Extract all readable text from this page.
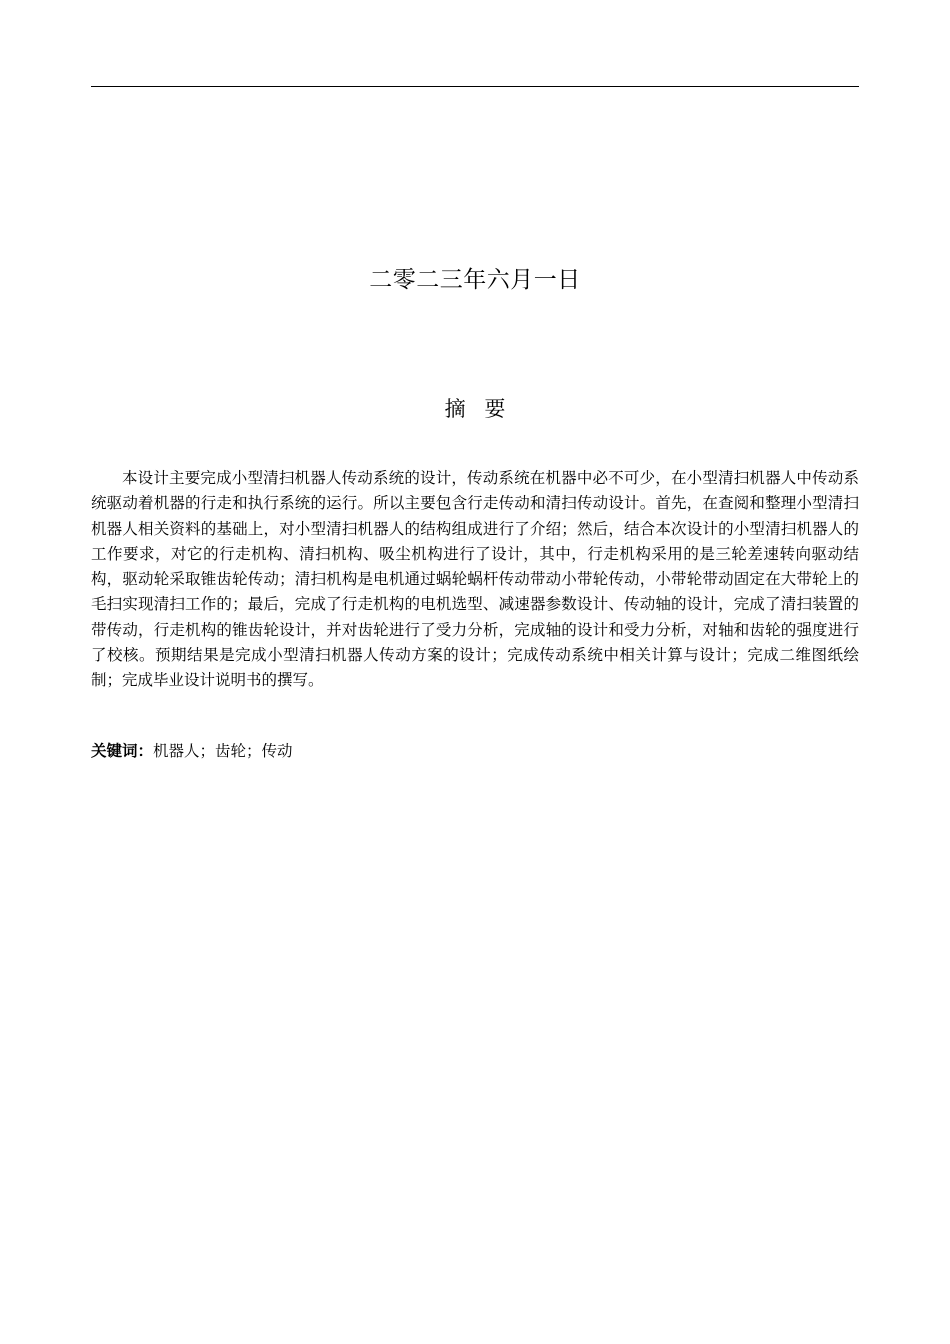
二零二三年六月一日
摘 要

本设计主要完成小型清扫机器人传动系统的设计，传动系统在机器中必不可少，在小型清扫机器人中传动系统驱动着机器的行走和执行系统的运行。所以主要包含行走传动和清扫传动设计。首先，在查阅和整理小型清扫机器人相关资料的基础上，对小型清扫机器人的结构组成进行了介绍；然后，结合本次设计的小型清扫机器人的工作要求，对它的行走机构、清扫机构、吸尘机构进行了设计，其中，行走机构采用的是三轮差速转向驱动结构，驱动轮采取锥齿轮传动；清扫机构是电机通过蜗轮蜗杆传动带动小带轮传动，小带轮带动固定在大带轮上的毛扫实现清扫工作的；最后，完成了行走机构的电机选型、减速器参数设计、传动轴的设计，完成了清扫装置的带传动，行走机构的锥齿轮设计，并对齿轮进行了受力分析，完成轴的设计和受力分析，对轴和齿轮的强度进行了校核。预期结果是完成小型清扫机器人传动方案的设计；完成传动系统中相关计算与设计；完成二维图纸绘制；完成毕业设计说明书的撰写。

关键词：机器人；齿轮；传动
